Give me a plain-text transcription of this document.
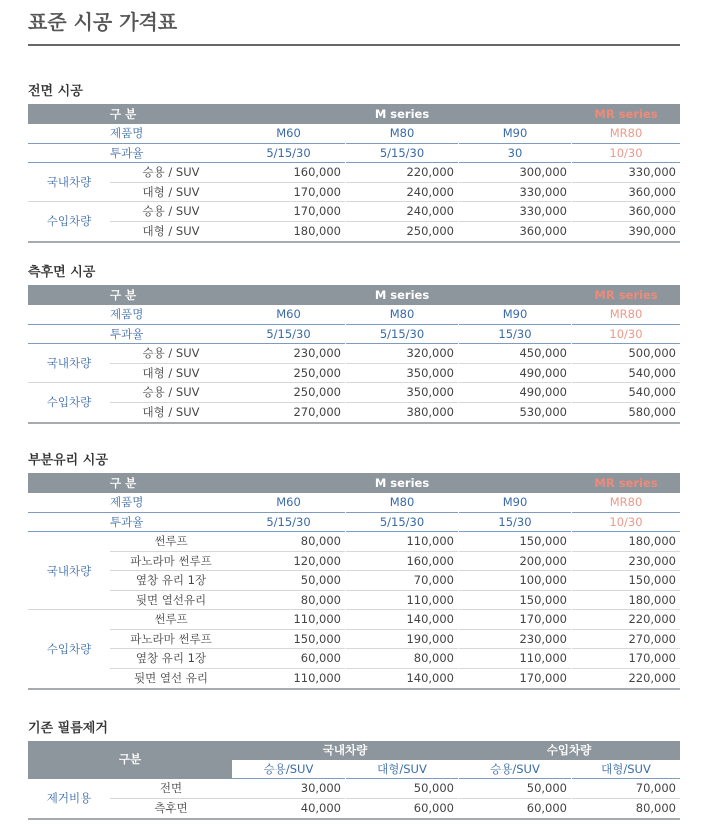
표준 시공 가격표
전면 시공
구 분	M series	MR series
제품명	M60	M80	M90	MR80
투과율	5/15/30	5/15/30	30	10/30
국내차량
승용 / SUV	160,000	220,000	300,000	330,000
대형 / SUV	170,000	240,000	330,000	360,000
수입차량
승용 / SUV	170,000	240,000	330,000	360,000
대형 / SUV	180,000	250,000	360,000	390,000
측후면 시공
구 분	M series	MR series
제품명	M60	M80	M90	MR80
투과율	5/15/30	5/15/30	15/30	10/30
국내차량
승용 / SUV	230,000	320,000	450,000	500,000
대형 / SUV	250,000	350,000	490,000	540,000
수입차량
승용 / SUV	250,000	350,000	490,000	540,000
대형 / SUV	270,000	380,000	530,000	580,000
부분유리 시공
구 분	M series	MR series
제품명	M60	M80	M90	MR80
투과율	5/15/30	5/15/30	15/30	10/30
국내차량
썬루프	80,000	110,000	150,000	180,000
파노라마 썬루프	120,000	160,000	200,000	230,000
옆창 유리 1장	50,000	70,000	100,000	150,000
뒷면 열선유리	80,000	110,000	150,000	180,000
수입차량
썬루프	110,000	140,000	170,000	220,000
파노라마 썬루프	150,000	190,000	230,000	270,000
옆창 유리 1장	60,000	80,000	110,000	170,000
뒷면 열선 유리	110,000	140,000	170,000	220,000
기존 필름제거
구분
국내차량	수입차량
승용/SUV	대형/SUV	승용/SUV	대형/SUV
제거비용
전면	30,000	50,000	50,000	70,000
측후면	40,000	60,000	60,000	80,000
